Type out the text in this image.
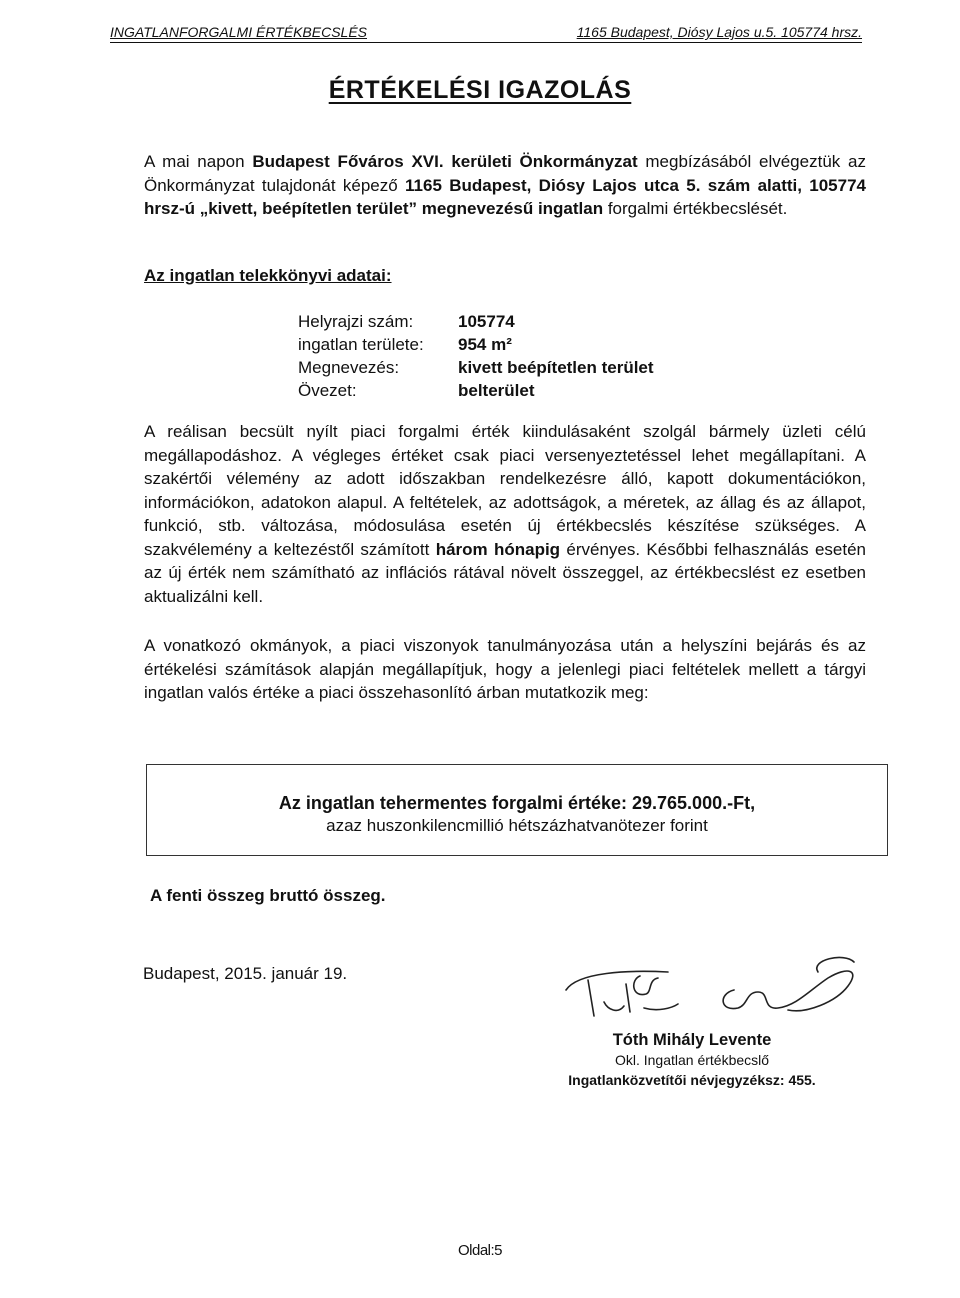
INGATLANFORGALMI ÉRTÉKBECSLÉS	1165 Budapest, Diósy Lajos u.5. 105774 hrsz.
ÉRTÉKELÉSI IGAZOLÁS

A mai napon Budapest Főváros XVI. kerületi Önkormányzat megbízásából elvégeztük az Önkormányzat tulajdonát képező 1165 Budapest, Diósy Lajos utca 5. szám alatti, 105774 hrsz-ú „kivett, beépítetlen terület” megnevezésű ingatlan forgalmi értékbecslését.

Az ingatlan telekkönyvi adatai:
Helyrajzi szám:	105774
ingatlan területe:	954 m²
Megnevezés:	kivett beépítetlen terület
Övezet:	belterület

A reálisan becsült nyílt piaci forgalmi érték kiindulásaként szolgál bármely üzleti célú megállapodáshoz. A végleges értéket csak piaci versenyeztetéssel lehet megállapítani. A szakértői vélemény az adott időszakban rendelkezésre álló, kapott dokumentációkon, információkon, adatokon alapul. A feltételek, az adottságok, a méretek, az állag és az állapot, funkció, stb. változása, módosulása esetén új értékbecslés készítése szükséges. A szakvélemény a keltezéstől számított három hónapig érvényes. Későbbi felhasználás esetén az új érték nem számítható az inflációs rátával növelt összeggel, az értékbecslést ez esetben aktualizálni kell.

A vonatkozó okmányok, a piaci viszonyok tanulmányozása után a helyszíni bejárás és az értékelési számítások alapján megállapítjuk, hogy a jelenlegi piaci feltételek mellett a tárgyi ingatlan valós értéke a piaci összehasonlító árban mutatkozik meg:

Az ingatlan tehermentes forgalmi értéke: 29.765.000.-Ft,
azaz huszonkilencmillió hétszázhatvanötezer forint
A fenti összeg bruttó összeg.
Budapest, 2015. január 19.
Tóth Mihály Levente
Okl. Ingatlan értékbecslő
Ingatlanközvetítői névjegyzéksz: 455.
Oldal:5
